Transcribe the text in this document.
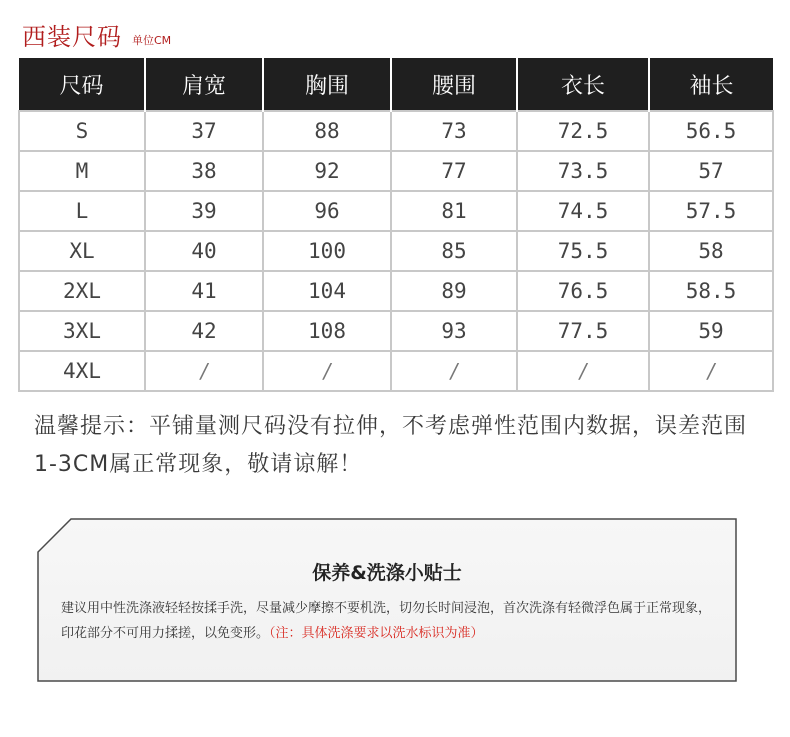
西装尺码 单位CM
尺码	肩宽	胸围	腰围	衣长	袖长
S	37	88	73	72.5	56.5
M	38	92	77	73.5	57
L	39	96	81	74.5	57.5
XL	40	100	85	75.5	58
2XL	41	104	89	76.5	58.5
3XL	42	108	93	77.5	59
4XL	/	/	/	/	/
温馨提示：平铺量测尺码没有拉伸，不考虑弹性范围内数据，误差范围1-3CM属正常现象，敬请谅解！
保养&洗涤小贴士
建议用中性洗涤液轻轻按揉手洗，尽量减少摩擦不要机洗，切勿长时间浸泡，首次洗涤有轻微浮色属于正常现象，印花部分不可用力揉搓，以免变形。（注：具体洗涤要求以洗水标识为准）
